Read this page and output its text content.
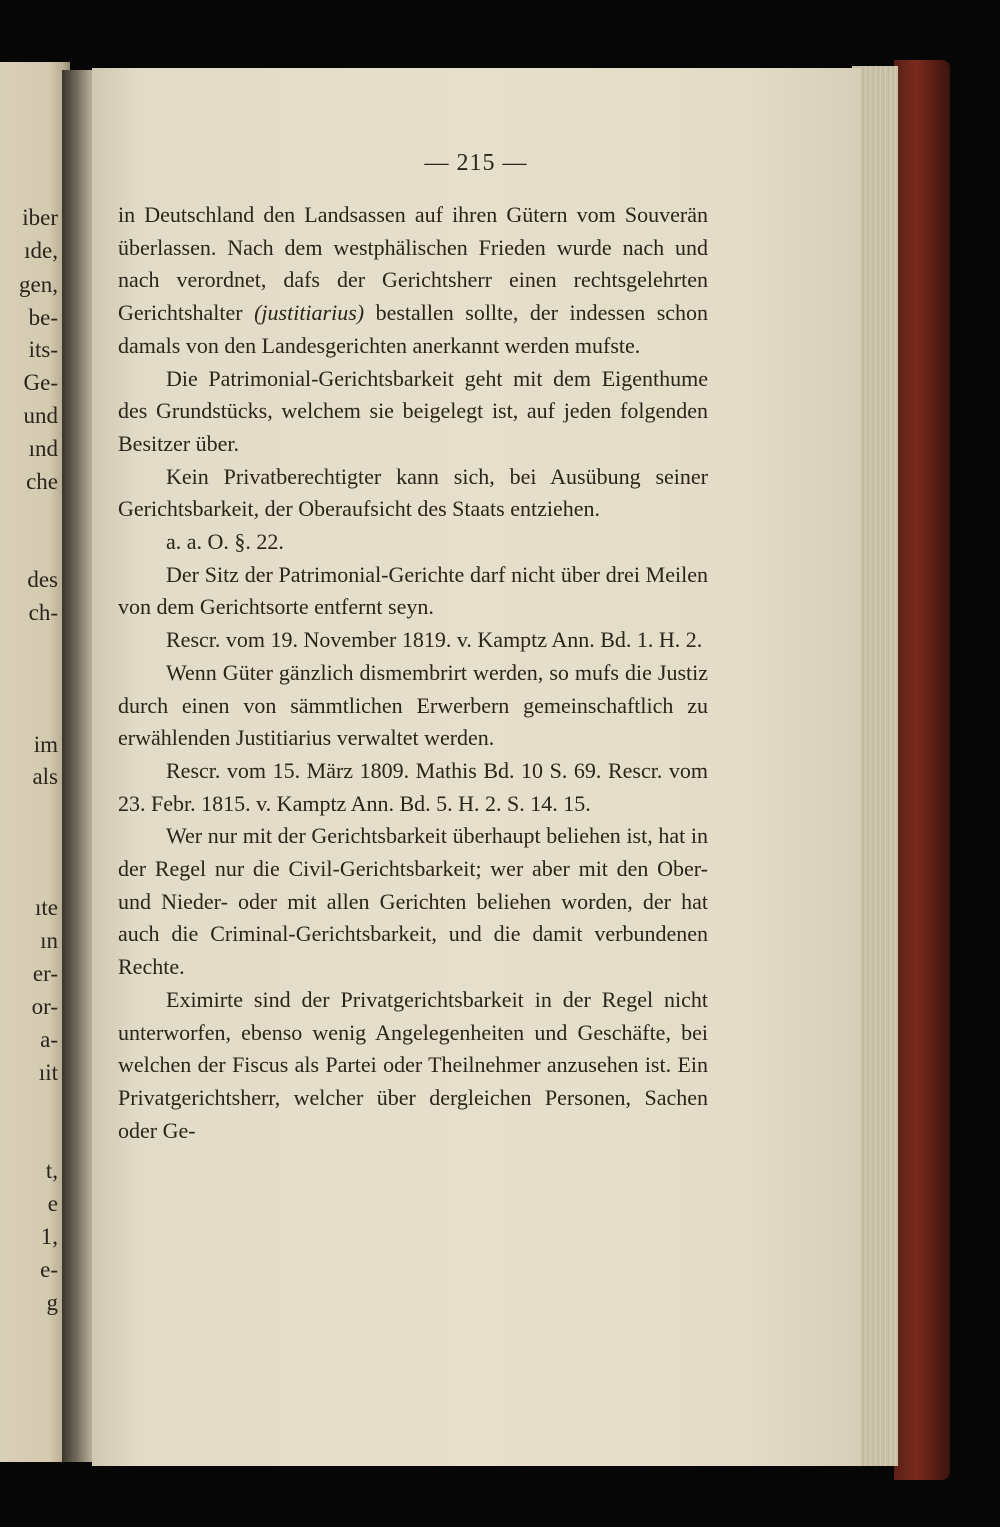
iber
ıde,
gen,
be-
its-
Ge-
und
ınd
che
des
ch-
im
als
ıte
ın
er-
or-
a-
ıit
t,
e
1,
e-
g
— 215 —

in Deutschland den Landsassen auf ihren Gütern vom Souverän überlassen. Nach dem westphälischen Frieden wurde nach und nach verordnet, dafs der Gerichtsherr einen rechtsgelehrten Gerichtshalter (justitiarius) bestallen sollte, der indessen schon damals von den Landesgerichten anerkannt werden mufste.

Die Patrimonial-Gerichtsbarkeit geht mit dem Eigenthume des Grundstücks, welchem sie beigelegt ist, auf jeden folgenden Besitzer über.

Kein Privatberechtigter kann sich, bei Ausübung seiner Gerichtsbarkeit, der Oberaufsicht des Staats entziehen.

a. a. O. §. 22.

Der Sitz der Patrimonial-Gerichte darf nicht über drei Meilen von dem Gerichtsorte entfernt seyn.

Rescr. vom 19. November 1819. v. Kamptz Ann. Bd. 1. H. 2.

Wenn Güter gänzlich dismembrirt werden, so mufs die Justiz durch einen von sämmtlichen Erwerbern gemeinschaftlich zu erwählenden Justitiarius verwaltet werden.

Rescr. vom 15. März 1809. Mathis Bd. 10 S. 69. Rescr. vom 23. Febr. 1815. v. Kamptz Ann. Bd. 5. H. 2. S. 14. 15.

Wer nur mit der Gerichtsbarkeit überhaupt beliehen ist, hat in der Regel nur die Civil-Gerichtsbarkeit; wer aber mit den Ober- und Nieder- oder mit allen Gerichten beliehen worden, der hat auch die Criminal-Gerichtsbarkeit, und die damit verbundenen Rechte.

Eximirte sind der Privatgerichtsbarkeit in der Regel nicht unterworfen, ebenso wenig Angelegenheiten und Geschäfte, bei welchen der Fiscus als Partei oder Theilnehmer anzusehen ist. Ein Privatgerichtsherr, welcher über dergleichen Personen, Sachen oder Ge-
